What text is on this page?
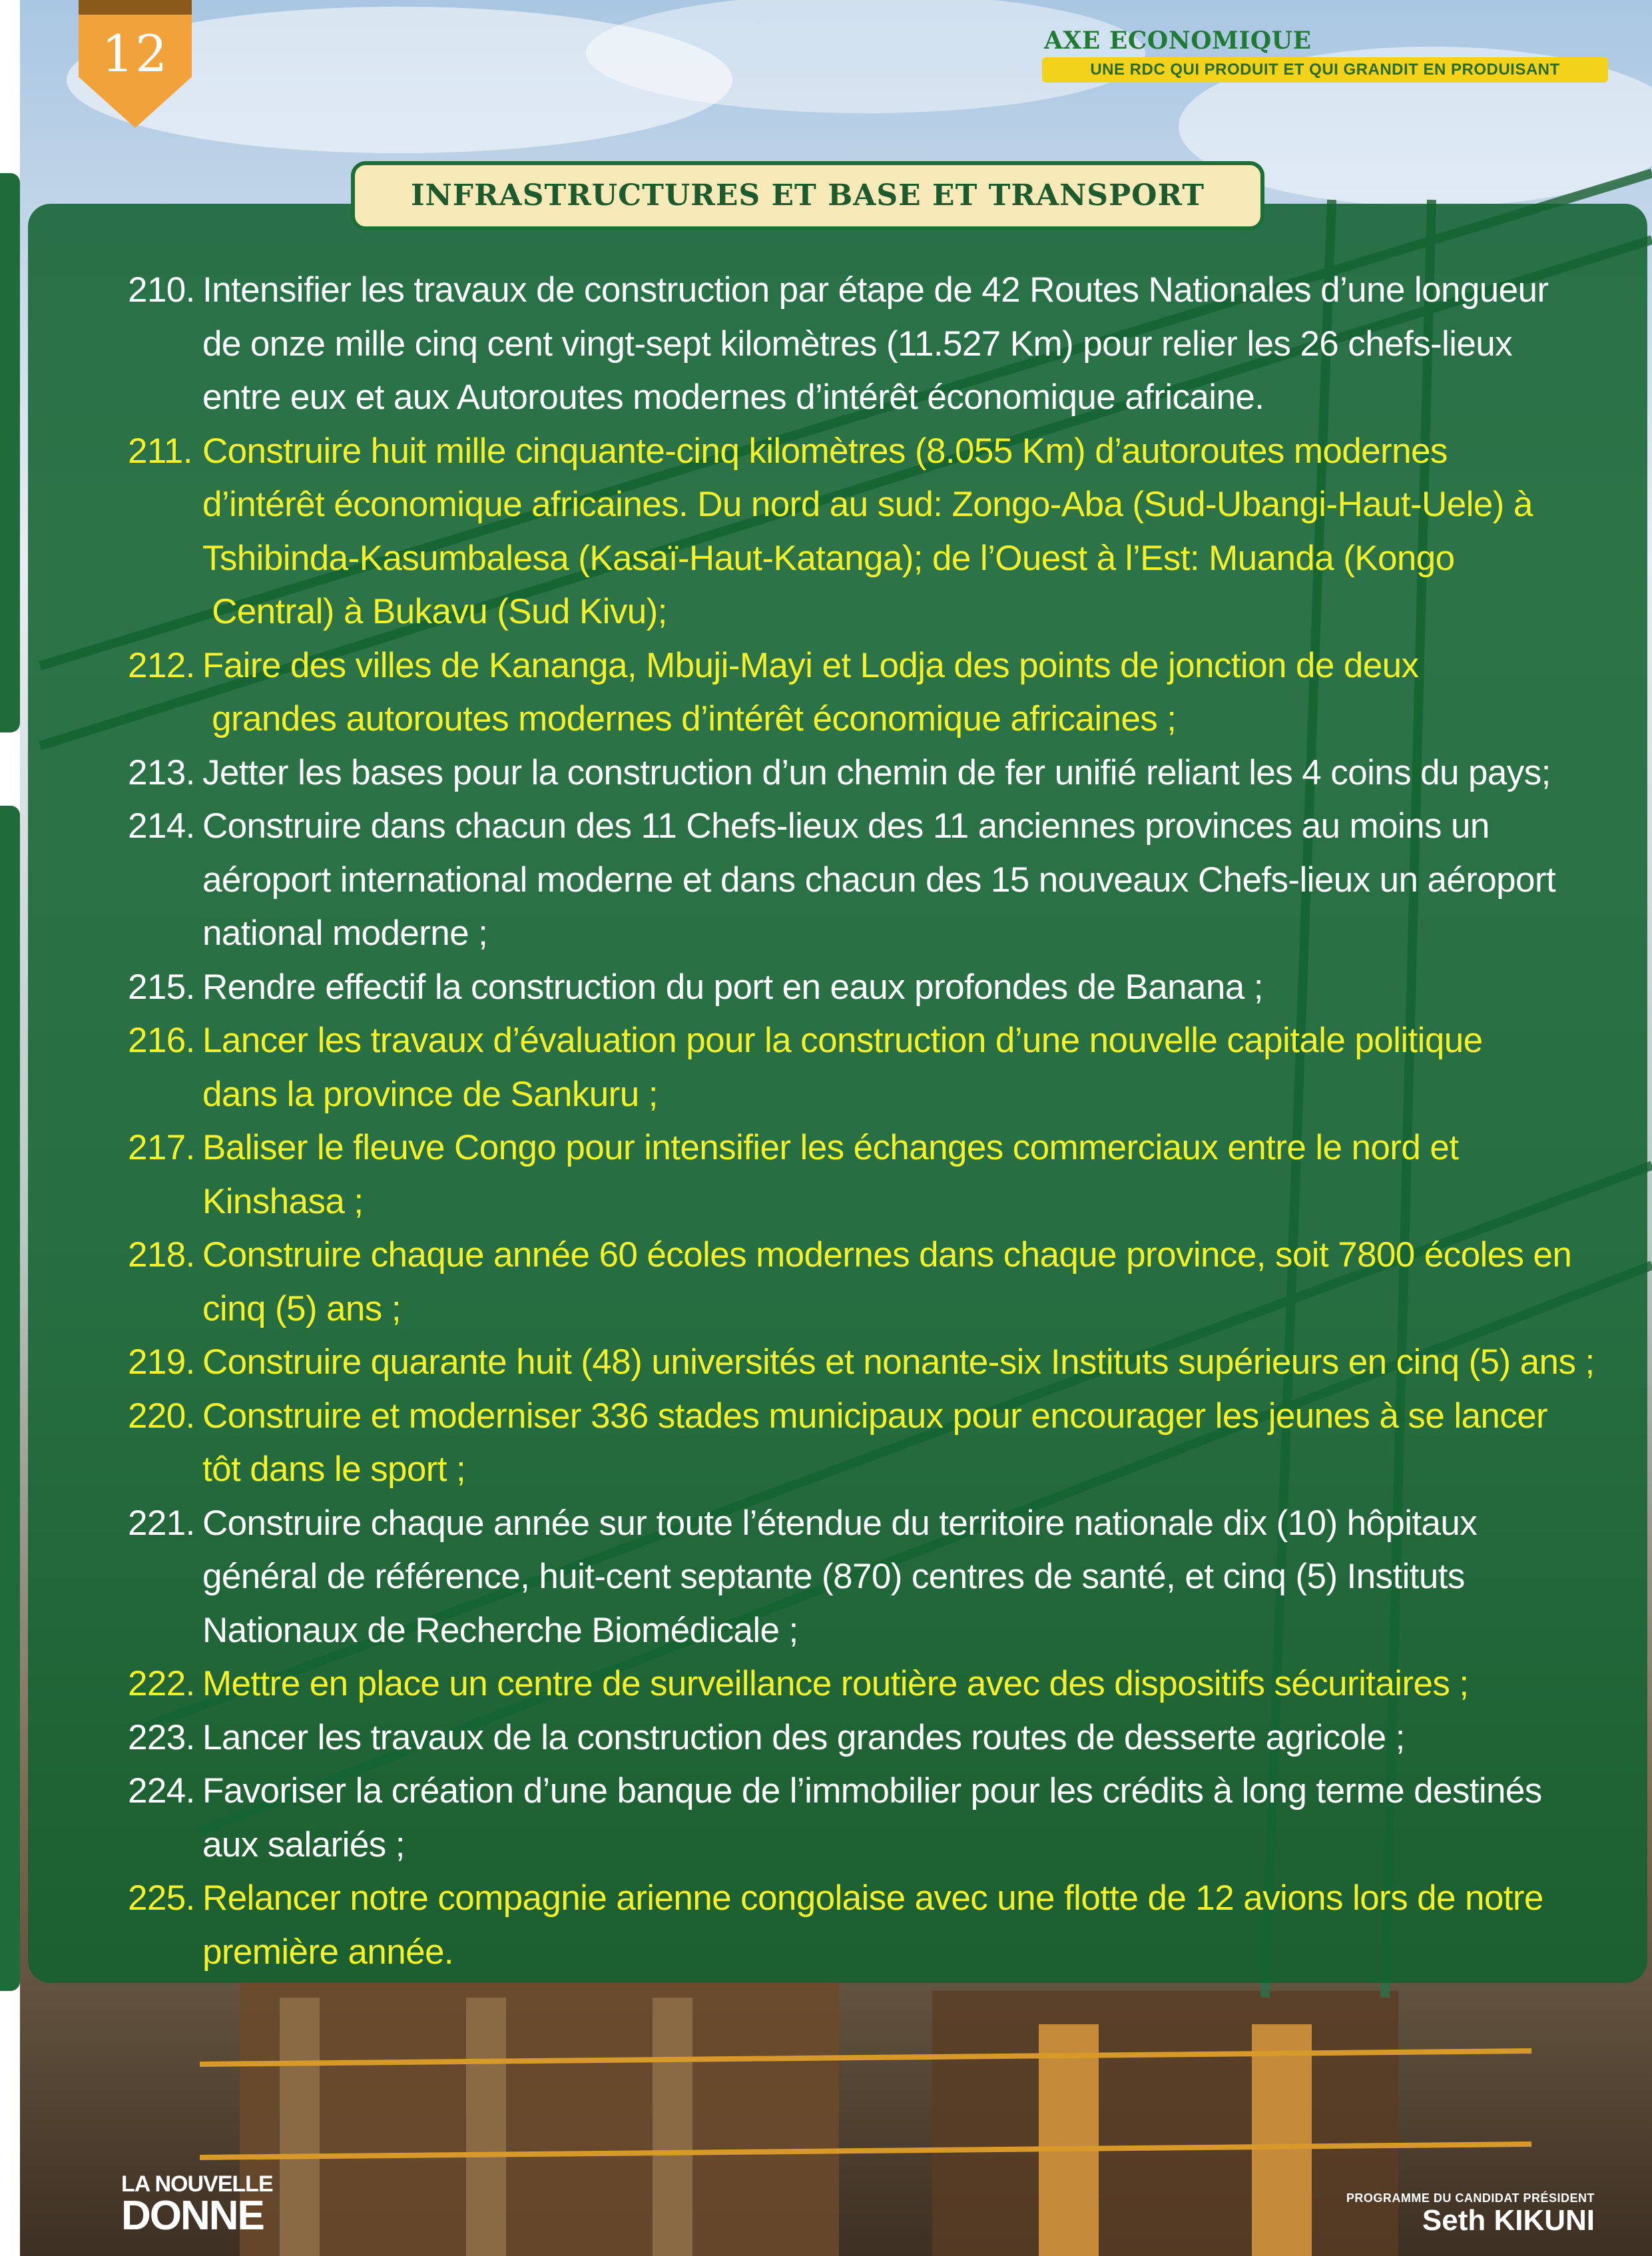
12	AXE ECONOMIQUE
UNE RDC QUI PRODUIT ET QUI GRANDIT EN PRODUISANT
INFRASTRUCTURES ET BASE ET TRANSPORT
210. Intensifier les travaux de construction par étape de 42 Routes Nationales d’une longueur
de onze mille cinq cent vingt-sept kilomètres (11.527 Km) pour relier les 26 chefs-lieux
entre eux et aux Autoroutes modernes d’intérêt économique africaine.
211. Construire huit mille cinquante-cinq kilomètres (8.055 Km) d’autoroutes modernes
d’intérêt économique africaines. Du nord au sud: Zongo-Aba (Sud-Ubangi-Haut-Uele) à
Tshibinda-Kasumbalesa (Kasaï-Haut-Katanga); de l’Ouest à l’Est: Muanda (Kongo
Central) à Bukavu (Sud Kivu);
212. Faire des villes de Kananga, Mbuji-Mayi et Lodja des points de jonction de deux
grandes autoroutes modernes d’intérêt économique africaines ;
213. Jetter les bases pour la construction d’un chemin de fer unifié reliant les 4 coins du pays;
214. Construire dans chacun des 11 Chefs-lieux des 11 anciennes provinces au moins un
aéroport international moderne et dans chacun des 15 nouveaux Chefs-lieux un aéroport
national moderne ;
215. Rendre effectif la construction du port en eaux profondes de Banana ;
216. Lancer les travaux d’évaluation pour la construction d’une nouvelle capitale politique
dans la province de Sankuru ;
217. Baliser le fleuve Congo pour intensifier les échanges commerciaux entre le nord et
Kinshasa ;
218. Construire chaque année 60 écoles modernes dans chaque province, soit 7800 écoles en
cinq (5) ans ;
219. Construire quarante huit (48) universités et nonante-six Instituts supérieurs en cinq (5) ans ;
220. Construire et moderniser 336 stades municipaux pour encourager les jeunes à se lancer
tôt dans le sport ;
221. Construire chaque année sur toute l’étendue du territoire nationale dix (10) hôpitaux
général de référence, huit-cent septante (870) centres de santé, et cinq (5) Instituts
Nationaux de Recherche Biomédicale ;
222. Mettre en place un centre de surveillance routière avec des dispositifs sécuritaires ;
223. Lancer les travaux de la construction des grandes routes de desserte agricole ;
224. Favoriser la création d’une banque de l’immobilier pour les crédits à long terme destinés
aux salariés ;
225. Relancer notre compagnie arienne congolaise avec une flotte de 12 avions lors de notre
première année.
LA NOUVELLE
DONNE	PROGRAMME DU CANDIDAT PRÉSIDENT
Seth KIKUNI
